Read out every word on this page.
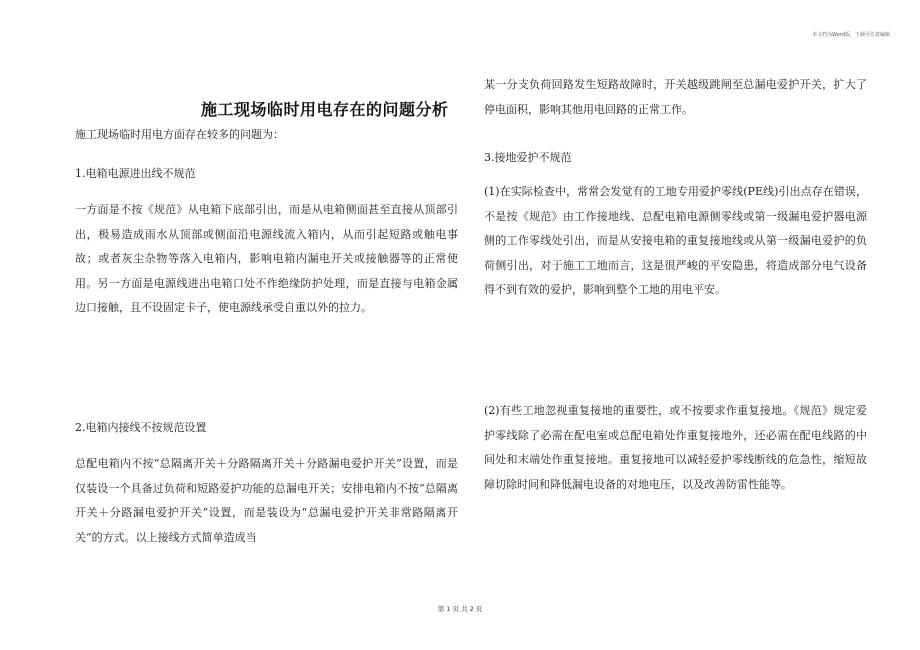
本文档为Word版，下载可任意编辑
施工现场临时用电存在的问题分析

施工现场临时用电方面存在较多的问题为：

1.电箱电源进出线不规范

一方面是不按《规范》从电箱下底部引出，而是从电箱侧面甚至直接从顶部引出，极易造成雨水从顶部或侧面沿电源线流入箱内，从而引起短路或触电事故；或者灰尘杂物等落入电箱内，影响电箱内漏电开关或接触器等的正常使用。另一方面是电源线进出电箱口处不作绝缘防护处理，而是直接与电箱金属边口接触，且不设固定卡子，使电源线承受自重以外的拉力。

2.电箱内接线不按规范设置

总配电箱内不按“总隔离开关＋分路隔离开关＋分路漏电爱护开关”设置，而是仅装设一个具备过负荷和短路爱护功能的总漏电开关；安排电箱内不按“总隔离开关＋分路漏电爱护开关”设置，而是装设为“总漏电爱护开关非常路隔离开关”的方式。以上接线方式简单造成当

某一分支负荷回路发生短路故障时，开关越级跳闸至总漏电爱护开关，扩大了停电面积，影响其他用电回路的正常工作。

3.接地爱护不规范

(1)在实际检查中，常常会发觉有的工地专用爱护零线(PE线)引出点存在错误，不是按《规范》由工作接地线、总配电箱电源侧零线或第一级漏电爱护器电源侧的工作零线处引出，而是从安接电箱的重复接地线或从第一级漏电爱护的负荷侧引出，对于施工工地而言，这是很严峻的平安隐患，将造成部分电气设备得不到有效的爱护，影响到整个工地的用电平安。

(2)有些工地忽视重复接地的重要性，或不按要求作重复接地。《规范》规定爱护零线除了必需在配电室或总配电箱处作重复接地外，还必需在配电线路的中间处和末端处作重复接地。重复接地可以减轻爱护零线断线的危急性，缩短故障切除时间和降低漏电设备的对地电压，以及改善防雷性能等。

第 1 页 共 2 页
